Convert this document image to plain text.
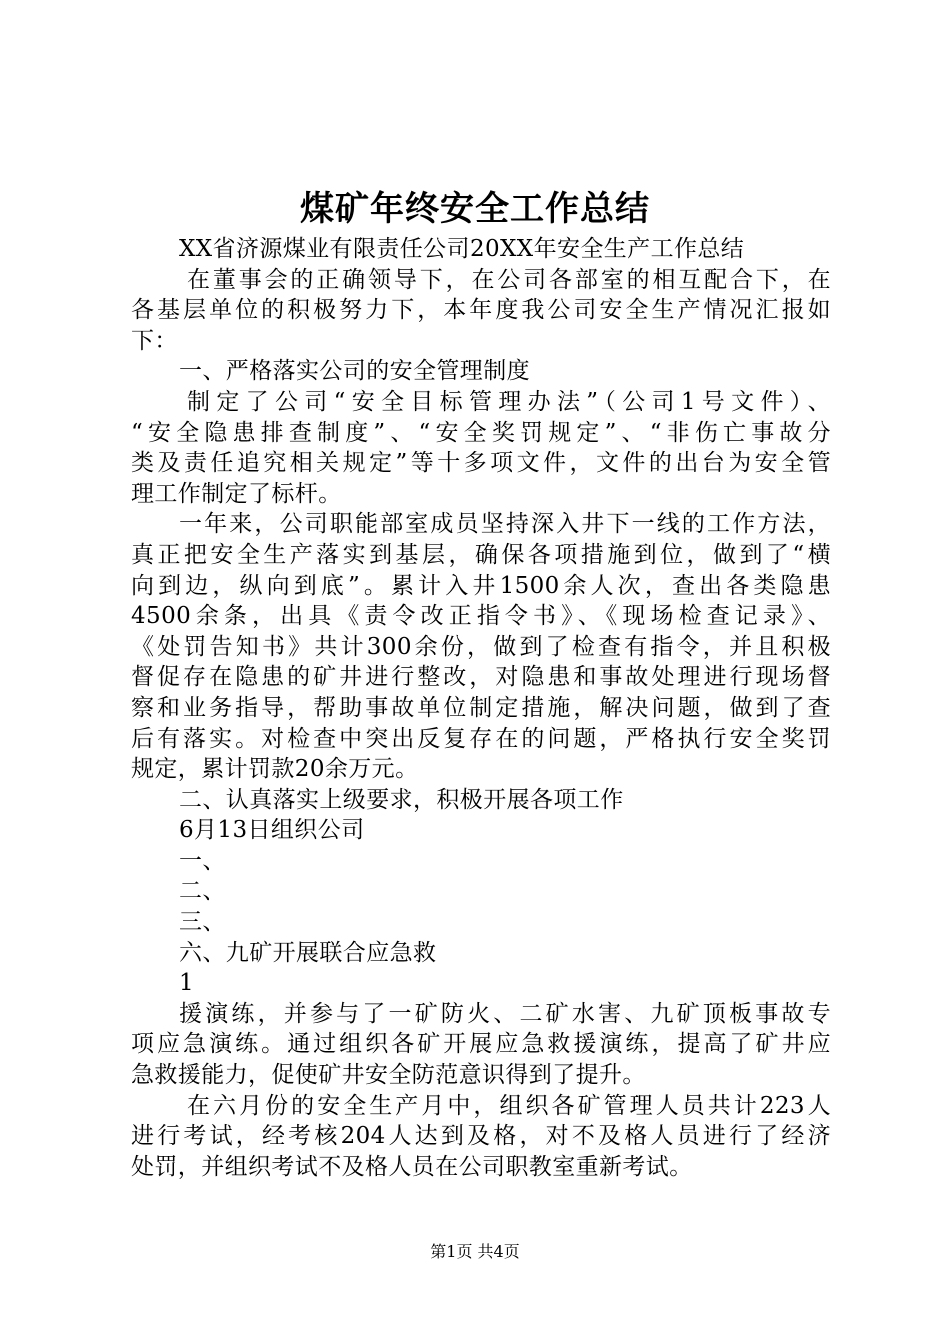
煤矿年终安全工作总结
XX省济源煤业有限责任公司20XX年安全生产工作总结
在董事会的正确领导下，在公司各部室的相互配合下，在
各基层单位的积极努力下，本年度我公司安全生产情况汇报如
下：
一、严格落实公司的安全管理制度
制定了公司“安全目标管理办法”（公司1号文件）、
“安全隐患排查制度”、“安全奖罚规定”、“非伤亡事故分
类及责任追究相关规定”等十多项文件，文件的出台为安全管
理工作制定了标杆。
一年来，公司职能部室成员坚持深入井下一线的工作方法，
真正把安全生产落实到基层，确保各项措施到位，做到了“横
向到边，纵向到底”。累计入井1500余人次，查出各类隐患
4500余条，出具《责令改正指令书》、《现场检查记录》、
《处罚告知书》共计300余份，做到了检查有指令，并且积极
督促存在隐患的矿井进行整改，对隐患和事故处理进行现场督
察和业务指导，帮助事故单位制定措施，解决问题，做到了查
后有落实。对检查中突出反复存在的问题，严格执行安全奖罚
规定，累计罚款20余万元。
二、认真落实上级要求，积极开展各项工作
6月13日组织公司
一、
二、
三、
六、九矿开展联合应急救
1
援演练，并参与了一矿防火、二矿水害、九矿顶板事故专
项应急演练。通过组织各矿开展应急救援演练，提高了矿井应
急救援能力，促使矿井安全防范意识得到了提升。
在六月份的安全生产月中，组织各矿管理人员共计223人
进行考试，经考核204人达到及格，对不及格人员进行了经济
处罚，并组织考试不及格人员在公司职教室重新考试。
第1页 共4页
